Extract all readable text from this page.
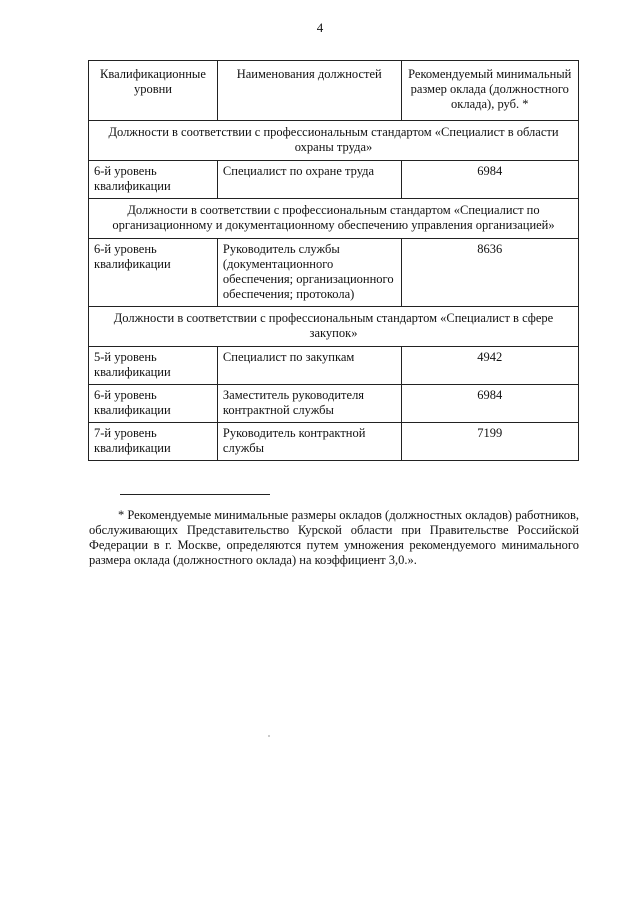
4
Квалификационные уровни	Наименования должностей	Рекомендуемый минимальный размер оклада (должностного оклада), руб. *
Должности в соответствии с профессиональным стандартом «Специалист в области охраны труда»		
6-й уровень квалификации	Специалист по охране труда	6984
Должности в соответствии с профессиональным стандартом «Специалист по организационному и документационному обеспечению управления организацией»		
6-й уровень квалификации	Руководитель службы (документационного обеспечения; организационного обеспечения; протокола)	8636
Должности в соответствии с профессиональным стандартом «Специалист в сфере закупок»		
5-й уровень квалификации	Специалист по закупкам	4942
6-й уровень квалификации	Заместитель руководителя контрактной службы	6984
7-й уровень квалификации	Руководитель контрактной службы	7199

* Рекомендуемые минимальные размеры окладов (должностных окладов) работников, обслуживающих Представительство Курской области при Правительстве Российской Федерации в г. Москве, определяются путем умножения рекомендуемого минимального размера оклада (должностного оклада) на коэффициент 3,0.».
